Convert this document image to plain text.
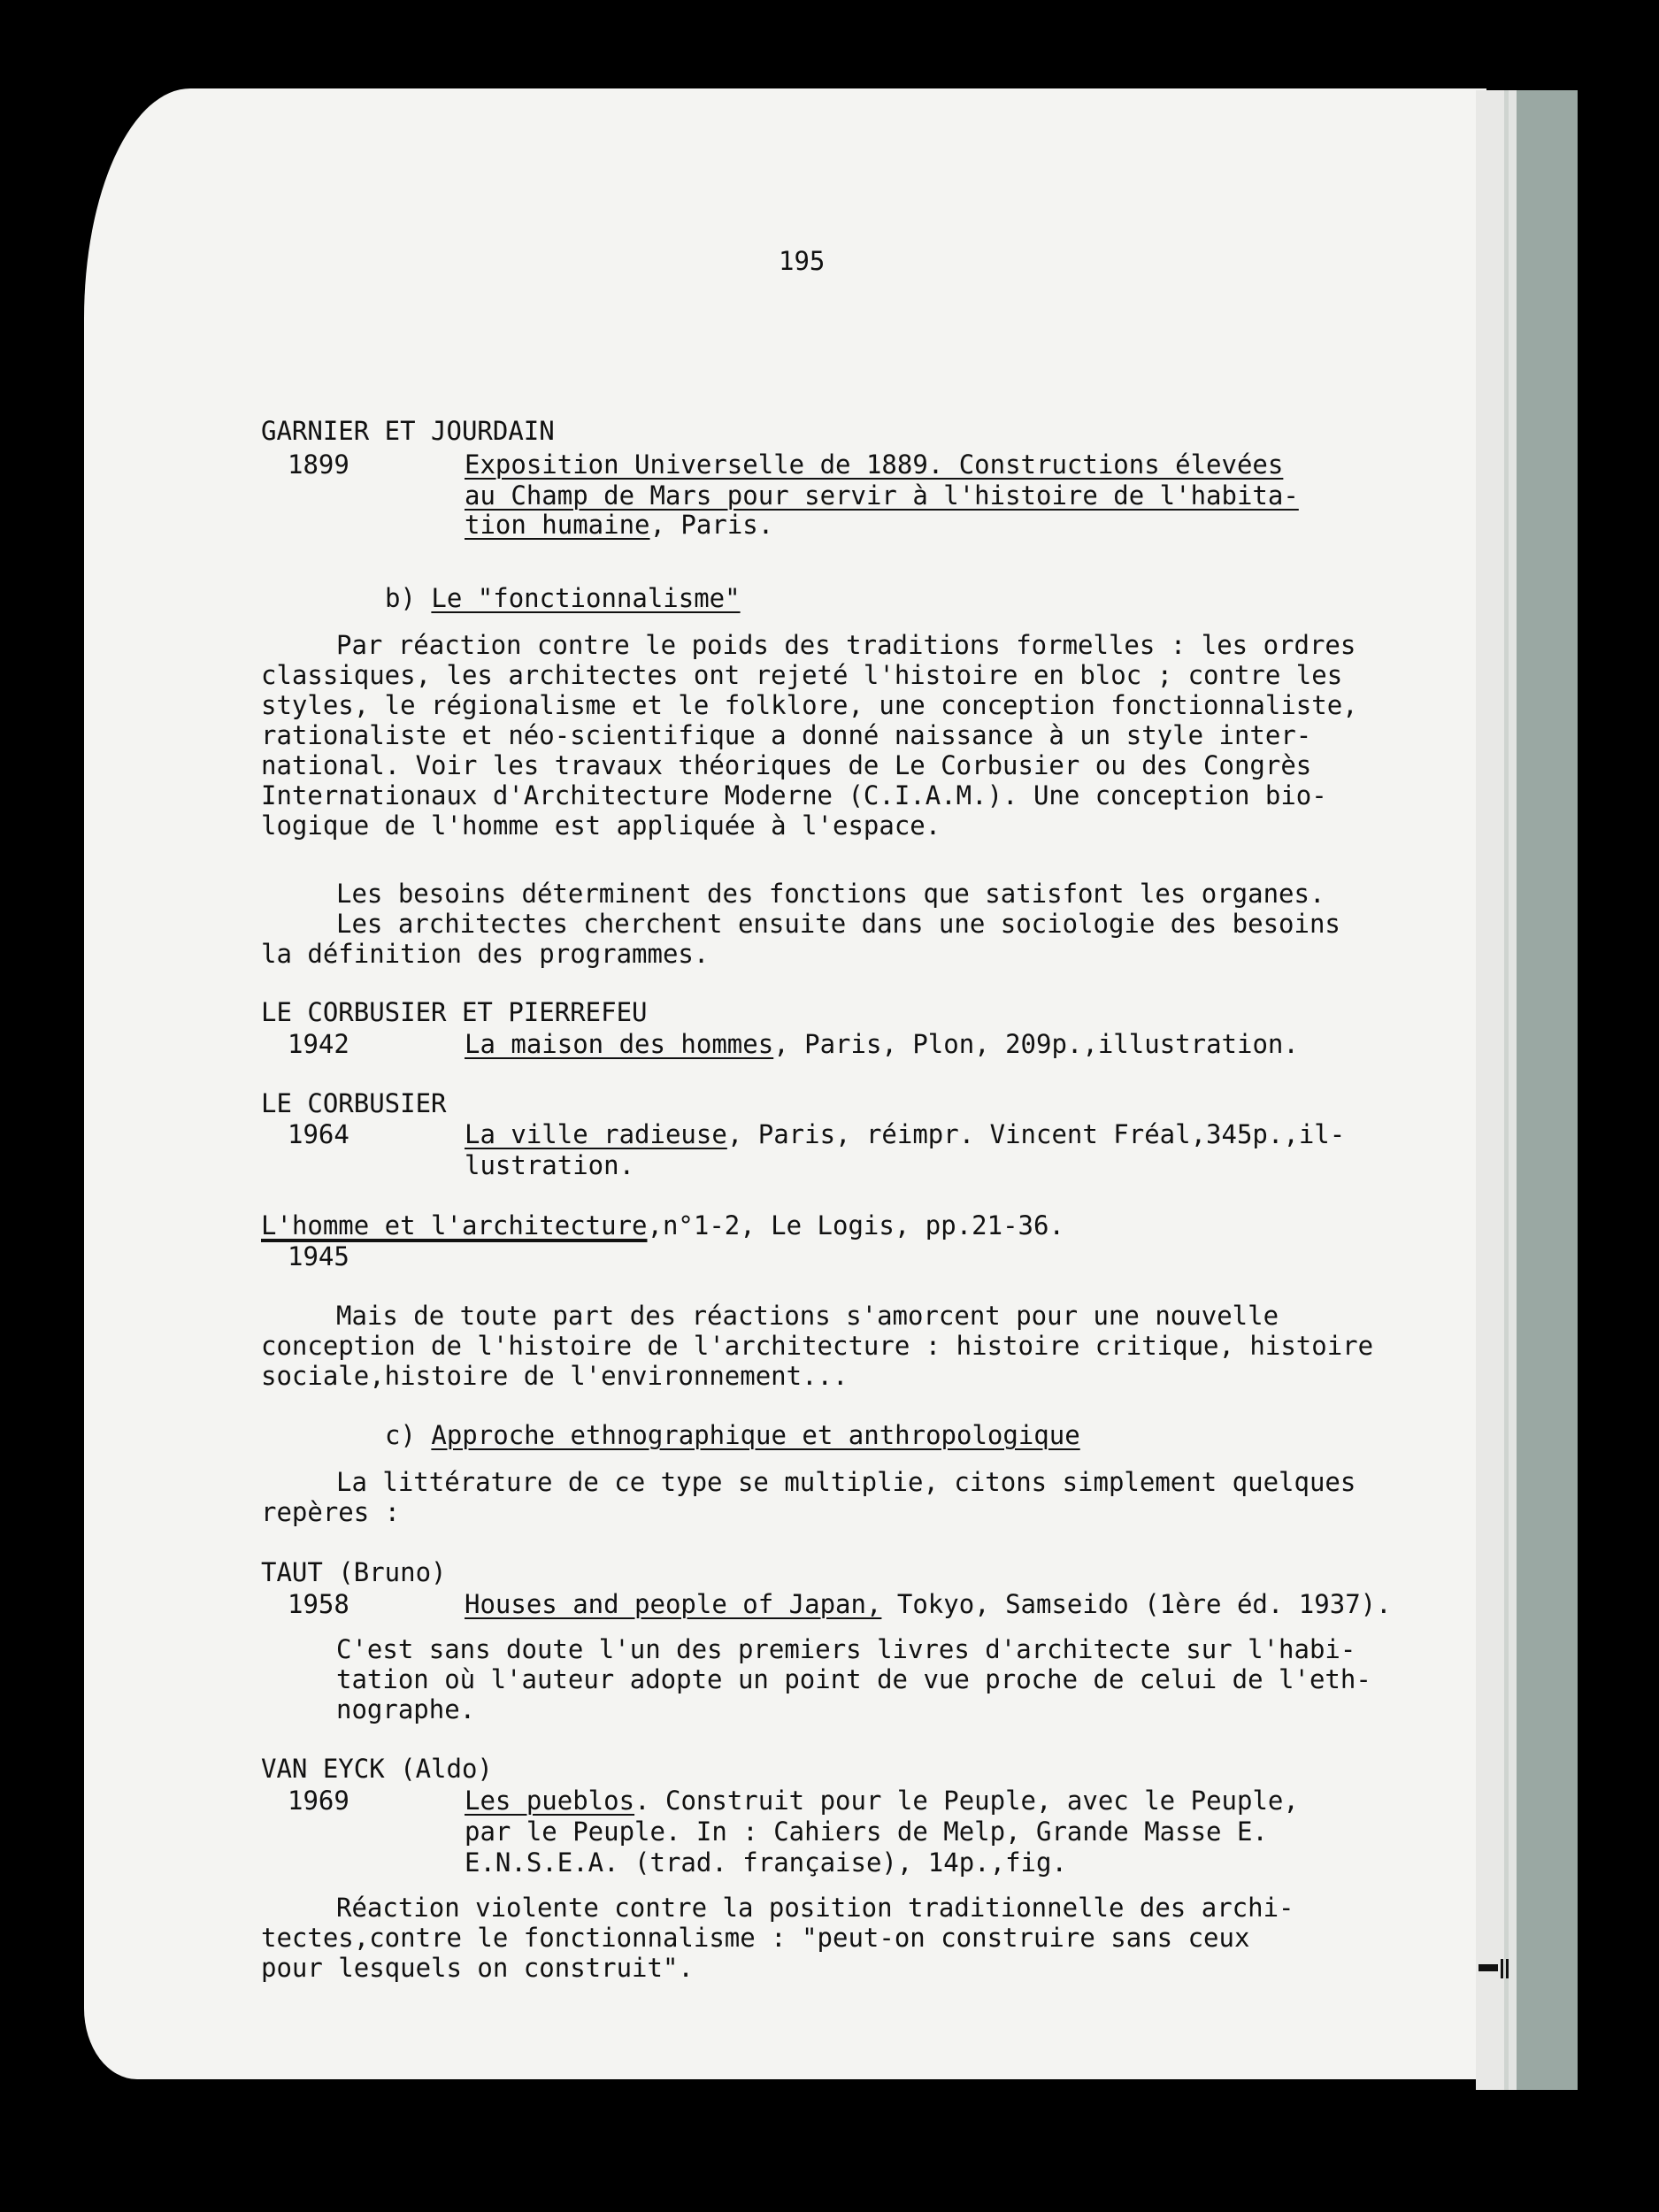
195
GARNIER ET JOURDAIN
1899	Exposition Universelle de 1889. Constructions élevées
au Champ de Mars pour servir à l'histoire de l'habita-
tion humaine, Paris.
b) Le "fonctionnalisme"
Par réaction contre le poids des traditions formelles : les ordres
classiques, les architectes ont rejeté l'histoire en bloc ; contre les
styles, le régionalisme et le folklore, une conception fonctionnaliste,
rationaliste et néo-scientifique a donné naissance à un style inter-
national. Voir les travaux théoriques de Le Corbusier ou des Congrès
Internationaux d'Architecture Moderne (C.I.A.M.). Une conception bio-
logique de l'homme est appliquée à l'espace.
Les besoins déterminent des fonctions que satisfont les organes.
Les architectes cherchent ensuite dans une sociologie des besoins
la définition des programmes.
LE CORBUSIER ET PIERREFEU
1942	La maison des hommes, Paris, Plon, 209p.,illustration.
LE CORBUSIER
1964	La ville radieuse, Paris, réimpr. Vincent Fréal,345p.,il-
lustration.
L'homme et l'architecture,n°1-2, Le Logis, pp.21-36.
1945
Mais de toute part des réactions s'amorcent pour une nouvelle
conception de l'histoire de l'architecture : histoire critique, histoire
sociale,histoire de l'environnement...
c) Approche ethnographique et anthropologique
La littérature de ce type se multiplie, citons simplement quelques
repères :
TAUT (Bruno)
1958	Houses and people of Japan, Tokyo, Samseido (1ère éd. 1937).
C'est sans doute l'un des premiers livres d'architecte sur l'habi-
tation où l'auteur adopte un point de vue proche de celui de l'eth-
nographe.
VAN EYCK (Aldo)
1969	Les pueblos. Construit pour le Peuple, avec le Peuple,
par le Peuple. In : Cahiers de Melp, Grande Masse E.
E.N.S.E.A. (trad. française), 14p.,fig.
Réaction violente contre la position traditionnelle des archi-
tectes,contre le fonctionnalisme : "peut-on construire sans ceux
pour lesquels on construit".
